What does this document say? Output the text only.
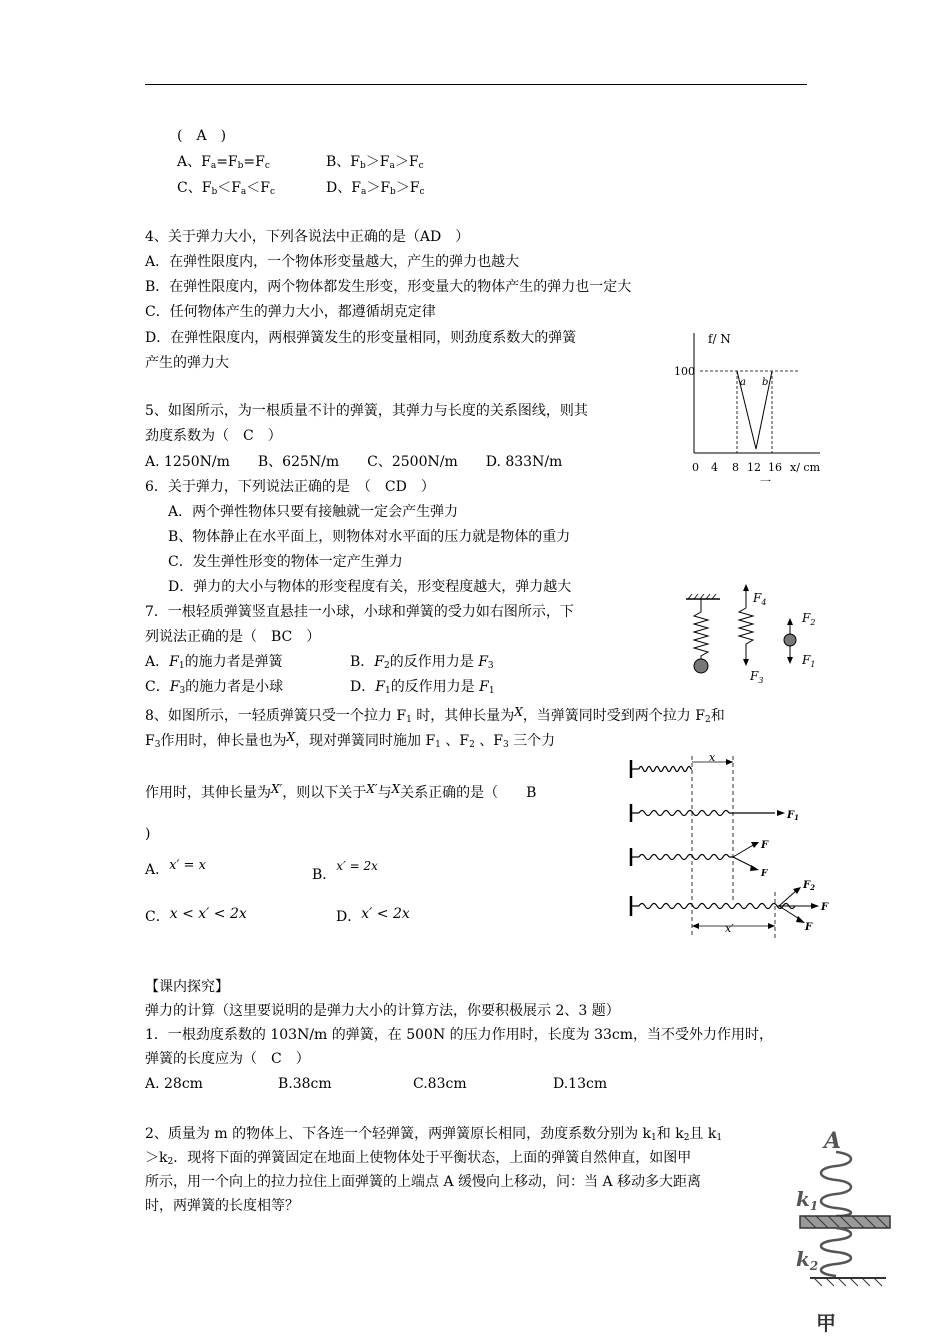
(　A　)
A、$F_a=F_b=F_c$	B、$F_b>F_a>F_c$
C、$F_b<F_a<F_c$	D、$F_a>F_b>F_c$
4、关于弹力大小，下列各说法中正确的是（AD　）
A．在弹性限度内，一个物体形变量越大，产生的弹力也越大
B．在弹性限度内，两个物体都发生形变，形变量大的物体产生的弹力也一定大
C．任何物体产生的弹力大小，都遵循胡克定律
D．在弹性限度内，两根弹簧发生的形变量相同，则劲度系数大的弹簧
产生的弹力大
5、如图所示，为一根质量不计的弹簧，其弹力与长度的关系图线，则其
劲度系数为（　C　）
A. 1250N/m　　B、625N/m　　C、2500N/m　　D. 833N/m
f/ N
100
a b
0 4 8 12 16 x/ cm
一
6．关于弹力，下列说法正确的是　（　CD　）
A．两个弹性物体只要有接触就一定会产生弹力
B、物体静止在水平面上，则物体对水平面的压力就是物体的重力
C．发生弹性形变的物体一定产生弹力
D．弹力的大小与物体的形变程度有关，形变程度越大，弹力越大
7．一根轻质弹簧竖直悬挂一小球，小球和弹簧的受力如右图所示，下
列说法正确的是（　BC　）
A．$F_1$的施力者是弹簧	B．$F_2$的反作用力是 $F_3$
C．$F_3$的施力者是小球	D．$F_1$的反作用力是 $F_1$
$F_4$
$F_3$
$F_2$
$F_1$
8、如图所示，一轻质弹簧只受一个拉力 $F_1$ 时，其伸长量为X，当弹簧同时受到两个拉力 $F_2$和
$F_3$作用时，伸长量也为X，现对弹簧同时施加 $F_1$ 、$F_2$ 、$F_3$ 三个力
作用时，其伸长量为X′，则以下关于X′与X关系正确的是（　　B
)
A．x′ = x
B．x′ = 2x
C．x < x′ < 2x	D．x′ < 2x
x
x′
$F_1$
F
F
$F_2$
F
F
【课内探究】
弹力的计算（这里要说明的是弹力大小的计算方法，你要积极展示 2、3 题）
1．一根劲度系数的 103N/m 的弹簧，在 500N 的压力作用时，长度为 33cm，当不受外力作用时，
弹簧的长度应为（　C　）
A. 28cm	B.38cm	C.83cm	D.13cm
2、质量为 m 的物体上、下各连一个轻弹簧，两弹簧原长相同，劲度系数分别为 $k_1$和 $k_2$且 $k_1$
$>k_2$．现将下面的弹簧固定在地面上使物体处于平衡状态，上面的弹簧自然伸直，如图甲
所示，用一个向上的拉力拉住上面弹簧的上端点 A 缓慢向上移动，问：当 A 移动多大距离
时，两弹簧的长度相等？
A
$k_1$
$k_2$
甲
